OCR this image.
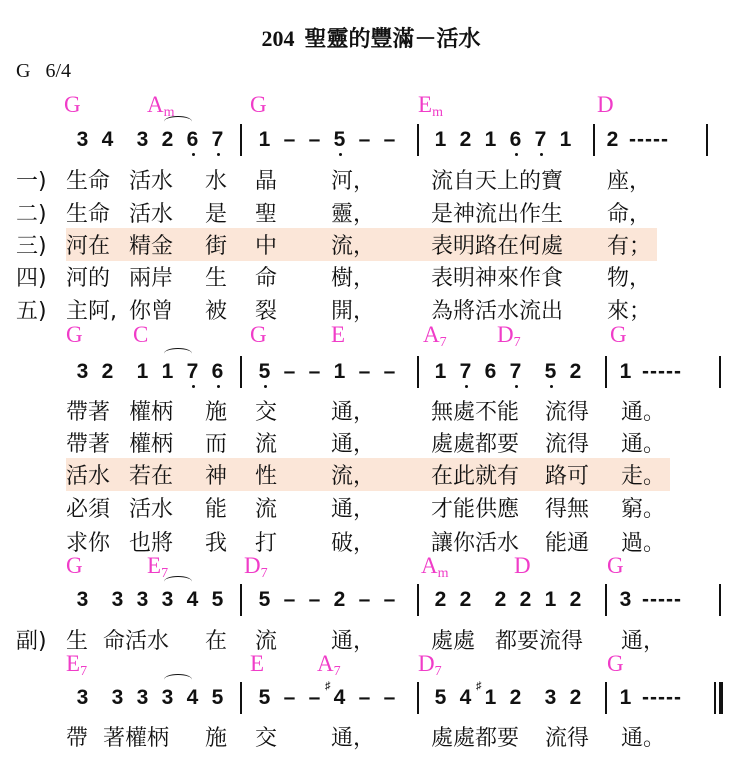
204 聖靈的豐滿－活水
G   6/4
G	$A_m$	G	$E_m$	D
3 4	3 2 6 7	1 – – 5 – –	1 2 1 6 7 1	2 -----
一) 生命 活水 水 晶 河，	流自天上的寶 座，
二) 生命 活水 是 聖 靈，	是神流出作生 命，
三) 河在 精金 街 中 流，	表明路在何處 有；
四) 河的 兩岸 生 命 樹，	表明神來作食 物，
五) 主阿, 你曾 被 裂 開，	為將活水流出 來；
G C	G	E	$A_7$ $D_7$	G
3 2	1 1 7 6	5 – – 1 – –	1 7 6 7	5 2	1 -----
帶著 權柄 施 交 通，	無處不能 流得 通。
帶著 權柄 而 流 通，	處處都要 流得 通。
活水 若在 神 性 流，	在此就有 路可 走。
必須 活水 能 流 通，	才能供應 得無 窮。
求你 也將 我 打 破，	讓你活水 能通 過。
G	$E_7$	$D_7$	$A_m$	D	G
3	3 3 3 4 5	5 – – 2 – –	2 2	2 2 1 2	3 -----
副) 生 命活水 在 流 通，	處處 都要流得 通，
$E_7$	E $A_7$	$D_7$	G
3	3 3 3 4 5	5 – – ♯ 4 – –	5 4 ♯ 1 2	3 2	1 -----
帶 著權柄 施 交 通，	處處都要 流得 通。
